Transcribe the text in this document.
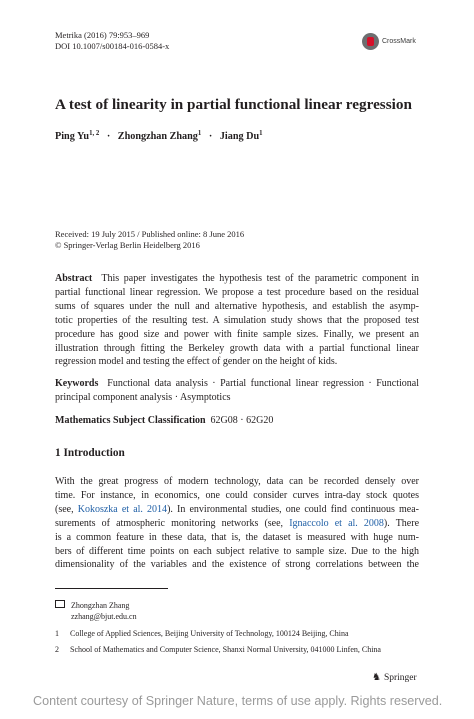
Metrika (2016) 79:953–969
DOI 10.1007/s00184-016-0584-x	CrossMark
A test of linearity in partial functional linear regression
Ping Yu$^{1, 2}$ · Zhongzhan Zhang$^1$ · Jiang Du$^1$
Received: 19 July 2015 / Published online: 8 June 2016
© Springer-Verlag Berlin Heidelberg 2016
Abstract This paper investigates the hypothesis test of the parametric component in
partial functional linear regression. We propose a test procedure based on the residual
sums of squares under the null and alternative hypothesis, and establish the asymp-
totic properties of the resulting test. A simulation study shows that the proposed test
procedure has good size and power with finite sample sizes. Finally, we present an
illustration through fitting the Berkeley growth data with a partial functional linear
regression model and testing the effect of gender on the height of kids.
Keywords Functional data analysis · Partial functional linear regression · Functional
principal component analysis · Asymptotics
Mathematics Subject Classification 62G08 · 62G20
1 Introduction
With the great progress of modern technology, data can be recorded densely over
time. For instance, in economics, one could consider curves intra-day stock quotes
(see, Kokoszka et al. 2014). In environmental studies, one could find continuous mea-
surements of atmospheric monitoring networks (see, Ignaccolo et al. 2008). There
is a common feature in these data, that is, the dataset is measured with huge num-
bers of different time points on each subject relative to sample size. Due to the high
dimensionality of the variables and the existence of strong correlations between the
Zhongzhan Zhang
zzhang@bjut.edu.cn
1 College of Applied Sciences, Beijing University of Technology, 100124 Beijing, China
2 School of Mathematics and Computer Science, Shanxi Normal University, 041000 Linfen, China
♞ Springer
Content courtesy of Springer Nature, terms of use apply. Rights reserved.
